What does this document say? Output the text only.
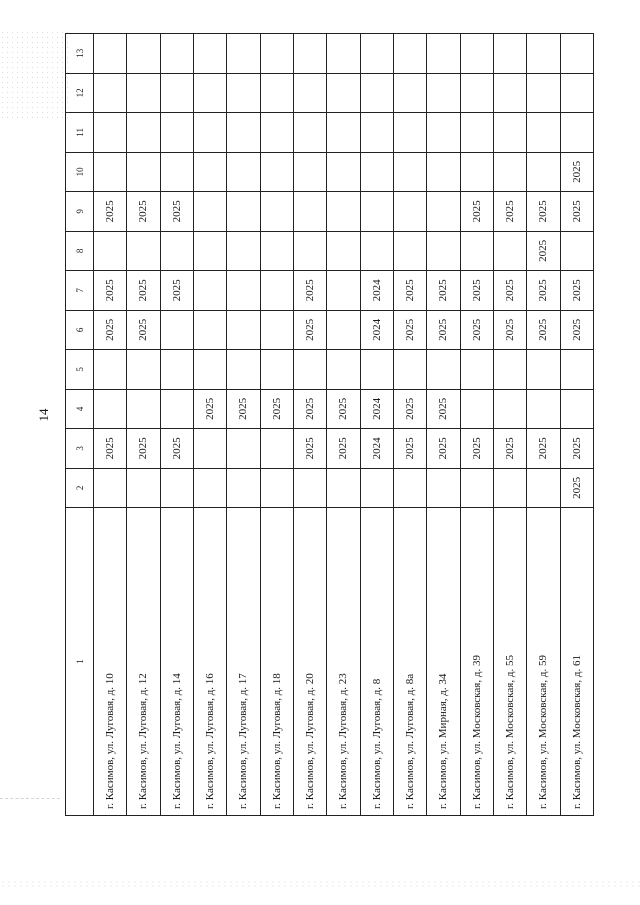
14
1	2	3	4	5	6	7	8	9	10	11	12	13
г. Касимов, ул. Луговая, д. 10		2025			2025	2025		2025				
г. Касимов, ул. Луговая, д. 12		2025			2025	2025		2025				
г. Касимов, ул. Луговая, д. 14		2025				2025		2025				
г. Касимов, ул. Луговая, д. 16			2025									
г. Касимов, ул. Луговая, д. 17			2025									
г. Касимов, ул. Луговая, д. 18			2025									
г. Касимов, ул. Луговая, д. 20		2025	2025		2025	2025						
г. Касимов, ул. Луговая, д. 23		2025	2025									
г. Касимов, ул. Луговая, д. 8		2024	2024		2024	2024						
г. Касимов, ул. Луговая, д. 8а		2025	2025		2025	2025						
г. Касимов, ул. Мирная, д. 34		2025	2025		2025	2025						
г. Касимов, ул. Московская, д. 39		2025			2025	2025		2025				
г. Касимов, ул. Московская, д. 55		2025			2025	2025		2025				
г. Касимов, ул. Московская, д. 59		2025			2025	2025	2025	2025				
г. Касимов, ул. Московская, д. 61	2025	2025			2025	2025		2025	2025			
